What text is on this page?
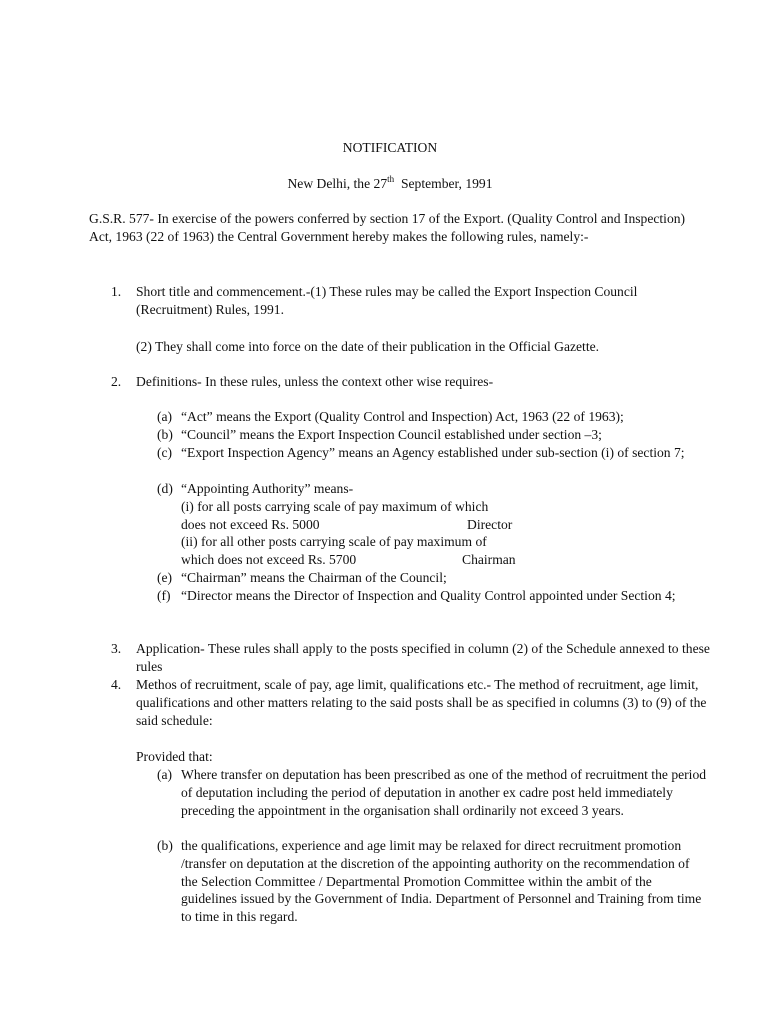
NOTIFICATION
New Delhi, the 27th September, 1991
G.S.R. 577- In exercise of the powers conferred by section 17 of the Export. (Quality Control and Inspection) Act, 1963 (22 of 1963) the Central Government hereby makes the following rules, namely:-
1. Short title and commencement.-(1) These rules may be called the Export Inspection Council (Recruitment) Rules, 1991.
(2) They shall come into force on the date of their publication in the Official Gazette.
2. Definitions- In these rules, unless the context other wise requires-
(a) “Act” means the Export (Quality Control and Inspection) Act, 1963 (22 of 1963);
(b) “Council” means the Export Inspection Council established under section –3;
(c) “Export Inspection Agency” means an Agency established under sub-section (i) of section 7;
(d) “Appointing Authority” means-
(i) for all posts carrying scale of pay maximum of which
does not exceed Rs. 5000	Director
(ii) for all other posts carrying scale of pay maximum of
which does not exceed Rs. 5700	Chairman
(e) “Chairman” means the Chairman of the Council;
(f) “Director means the Director of Inspection and Quality Control appointed under Section 4;
3. Application- These rules shall apply to the posts specified in column (2) of the Schedule annexed to these rules
4. Methos of recruitment, scale of pay, age limit, qualifications etc.- The method of recruitment, age limit, qualifications and other matters relating to the said posts shall be as specified in columns (3) to (9) of the said schedule:
Provided that:
(a) Where transfer on deputation has been prescribed as one of the method of recruitment the period of deputation including the period of deputation in another ex cadre post held immediately preceding the appointment in the organisation shall ordinarily not exceed 3 years.
(b) the qualifications, experience and age limit may be relaxed for direct recruitment promotion /transfer on deputation at the discretion of the appointing authority on the recommendation of the Selection Committee / Departmental Promotion Committee within the ambit of the guidelines issued by the Government of India. Department of Personnel and Training from time to time in this regard.
